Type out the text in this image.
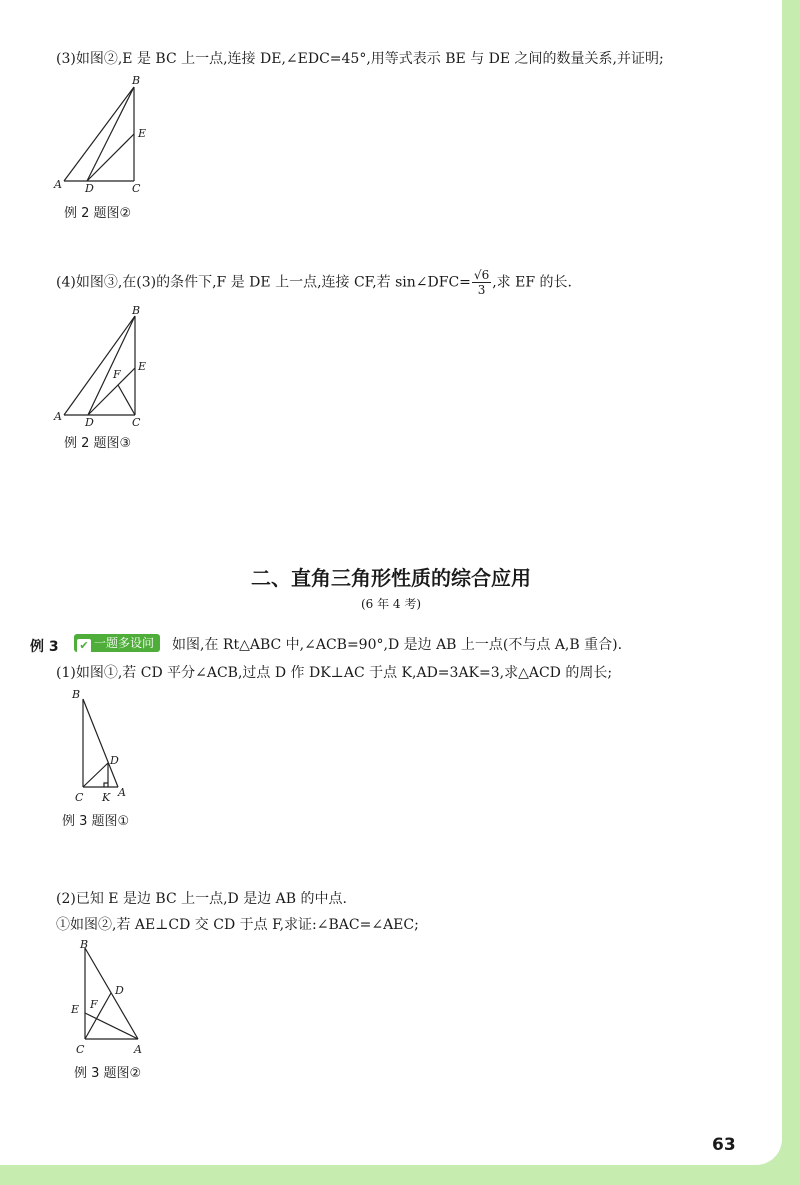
(3)如图②,E 是 BC 上一点,连接 DE,∠EDC=45°,用等式表示 BE 与 DE 之间的数量关系,并证明;
B
A D	C
E
例 2 题图②
(4)如图③,在(3)的条件下,F 是 DE 上一点,连接 CF,若 sin∠DFC= $\frac{√6}{3}$ ,求 EF 的长.
B
A D	C
E
F
例 2 题图③
二、直角三角形性质的综合应用
(6 年 4 考)
例 3	✔ 一题多设问	如图,在 Rt△ABC 中,∠ACB=90°,D 是边 AB 上一点(不与点 A,B 重合).
(1)如图①,若 CD 平分∠ACB,过点 D 作 DK⊥AC 于点 K,AD=3AK=3,求△ACD 的周长;
B
D
C K A
例 3 题图①
(2)已知 E 是边 BC 上一点,D 是边 AB 的中点.
①如图②,若 AE⊥CD 交 CD 于点 F,求证:∠BAC=∠AEC;
B
D
F
E
C	A
例 3 题图②
63
